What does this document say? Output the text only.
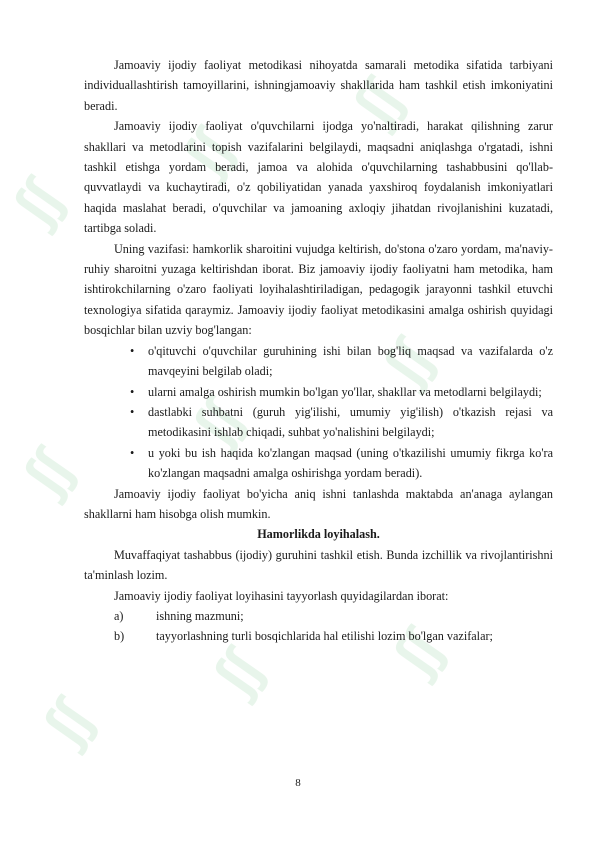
ʃʃ
ʃʃ
ʃʃ
ʃʃ
ʃʃ
ʃʃ
ʃʃ
ʃʃ ʃʃ

Jamoaviy ijodiy faoliyat metodikasi nihoyatda samarali metodika sifatida tarbiyani individuallashtirish tamoyillarini, ishningjamoaviy shakllarida ham tashkil etish imkoniyatini beradi.

Jamoaviy ijodiy faoliyat o'quvchilarni ijodga yo'naltiradi, harakat qilishning zarur shakllari va metodlarini topish vazifalarini belgilaydi, maqsadni aniqlashga o'rgatadi, ishni tashkil etishga yordam beradi, jamoa va alohida o'quvchilarning tashabbusini qo'llab-quvvatlaydi va kuchaytiradi, o'z qobiliyatidan yanada yaxshiroq foydalanish imkoniyatlari haqida maslahat beradi, o'quvchilar va jamoaning axloqiy jihatdan rivojlanishini kuzatadi, tartibga soladi.

Uning vazifasi: hamkorlik sharoitini vujudga keltirish, do'stona o'zaro yordam, ma'naviy-ruhiy sharoitni yuzaga keltirishdan iborat. Biz jamoaviy ijodiy faoliyatni ham metodika, ham ishtirokchilarning o'zaro faoliyati loyihalashtiriladigan, pedagogik jarayonni tashkil etuvchi texnologiya sifatida qaraymiz. Jamoaviy ijodiy faoliyat metodikasini amalga oshirish quyidagi bosqichlar bilan uzviy bog'langan:

• o'qituvchi o'quvchilar guruhining ishi bilan bog'liq maqsad va vazifalarda o'z mavqeyini belgilab oladi;
• ularni amalga oshirish mumkin bo'lgan yo'llar, shakllar va metodlarni belgilaydi;
• dastlabki suhbatni (guruh yig'ilishi, umumiy yig'ilish) o'tkazish rejasi va metodikasini ishlab chiqadi, suhbat yo'nalishini belgilaydi;
• u yoki bu ish haqida ko'zlangan maqsad (uning o'tkazilishi umumiy fikrga ko'ra ko'zlangan maqsadni amalga oshirishga yordam beradi).

Jamoaviy ijodiy faoliyat bo'yicha aniq ishni tanlashda maktabda an'anaga aylangan shakllarni ham hisobga olish mumkin.

Hamorlikda loyihalash.

Muvaffaqiyat tashabbus (ijodiy) guruhini tashkil etish. Bunda izchillik va rivojlantirishni ta'minlash lozim.

Jamoaviy ijodiy faoliyat loyihasini tayyorlash quyidagilardan iborat:

a)	ishning mazmuni;
b)	tayyorlashning turli bosqichlarida hal etilishi lozim bo'lgan vazifalar;
8
